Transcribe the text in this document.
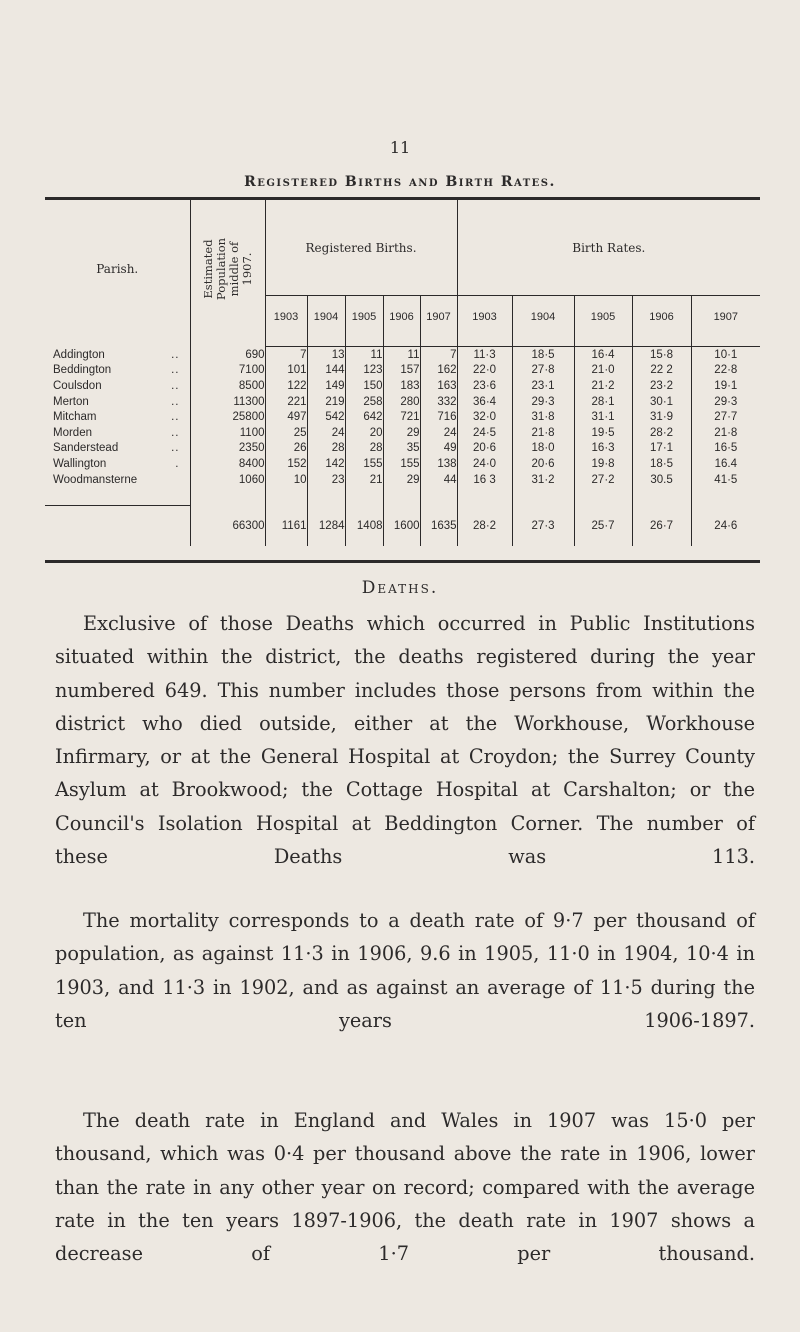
11
Registered Births and Birth Rates.
Parish.	Estimated Population middle of 1907.	Registered Births.					Birth Rates.				
		1903	1904	1905	1906	1907	1903	1904	1905	1906	1907

Addington ..	690	7	13	11	11	7	11·3	18·5	16·4	15·8	10·1
Beddington ..	7100	101	144	123	157	162	22·0	27·8	21·0	22 2	22·8
Coulsdon ..	8500	122	149	150	183	163	23·6	23·1	21·2	23·2	19·1
Merton ..	11300	221	219	258	280	332	36·4	29·3	28·1	30·1	29·3
Mitcham ..	25800	497	542	642	721	716	32·0	31·8	31·1	31·9	27·7
Morden ..	1100	25	24	20	29	24	24·5	21·8	19·5	28·2	21·8
Sanderstead ..	2350	26	28	28	35	49	20·6	18·0	16·3	17·1	16·5
Wallington .	8400	152	142	155	155	138	24·0	20·6	19·8	18·5	16.4
Woodmansterne	1060	10	23	21	29	44	16 3	31·2	27·2	30.5	41·5

	66300	1161	1284	1408	1600	1635	28·2	27·3	25·7	26·7	24·6
Deaths.

Exclusive of those Deaths which occurred in Public Institutions situated within the district, the deaths registered during the year numbered 649. This number includes those persons from within the district who died outside, either at the Workhouse, Workhouse Infirmary, or at the General Hospital at Croydon; the Surrey County Asylum at Brookwood; the Cottage Hospital at Carshalton; or the Council's Isolation Hospital at Beddington Corner. The number of these Deaths was 113.

The mortality corresponds to a death rate of 9·7 per thousand of population, as against 11·3 in 1906, 9.6 in 1905, 11·0 in 1904, 10·4 in 1903, and 11·3 in 1902, and as against an average of 11·5 during the ten years 1906-1897.

The death rate in England and Wales in 1907 was 15·0 per thousand, which was 0·4 per thousand above the rate in 1906, lower than the rate in any other year on record; compared with the average rate in the ten years 1897-1906, the death rate in 1907 shows a decrease of 1·7 per thousand.
